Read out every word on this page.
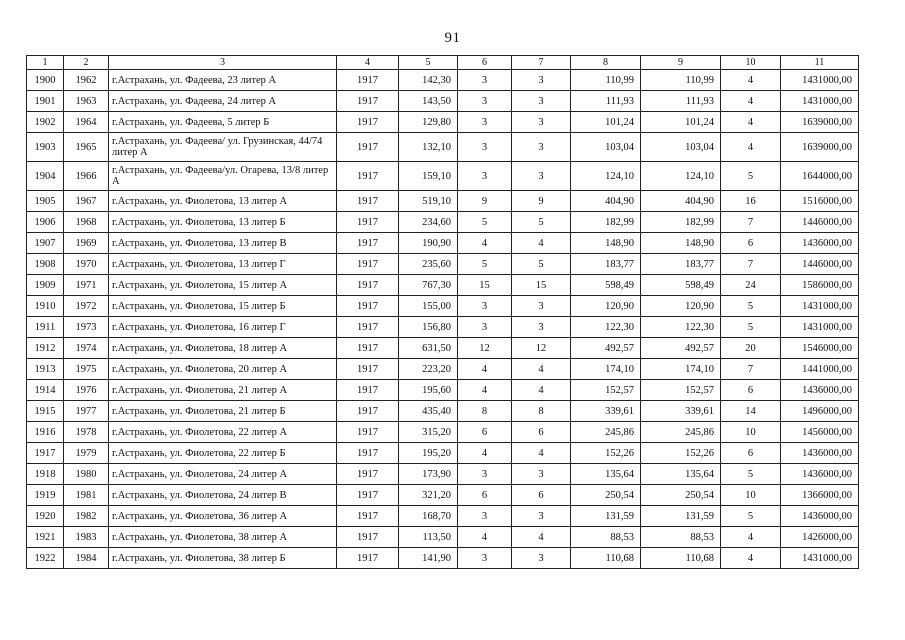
91
1	2	3	4	5	6	7	8	9	10	11
1900	1962	г.Астрахань, ул. Фадеева, 23 литер А	1917	142,30	3	3	110,99	110,99	4	1431000,00
1901	1963	г.Астрахань, ул. Фадеева, 24 литер А	1917	143,50	3	3	111,93	111,93	4	1431000,00
1902	1964	г.Астрахань, ул. Фадеева, 5 литер Б	1917	129,80	3	3	101,24	101,24	4	1639000,00
1903	1965	г.Астрахань, ул. Фадеева/ ул. Грузинская, 44/74 литер А	1917	132,10	3	3	103,04	103,04	4	1639000,00
1904	1966	г.Астрахань, ул. Фадеева/ул. Огарева, 13/8 литер А	1917	159,10	3	3	124,10	124,10	5	1644000,00
1905	1967	г.Астрахань, ул. Фиолетова, 13 литер А	1917	519,10	9	9	404,90	404,90	16	1516000,00
1906	1968	г.Астрахань, ул. Фиолетова, 13 литер Б	1917	234,60	5	5	182,99	182,99	7	1446000,00
1907	1969	г.Астрахань, ул. Фиолетова, 13 литер В	1917	190,90	4	4	148,90	148,90	6	1436000,00
1908	1970	г.Астрахань, ул. Фиолетова, 13 литер Г	1917	235,60	5	5	183,77	183,77	7	1446000,00
1909	1971	г.Астрахань, ул. Фиолетова, 15 литер А	1917	767,30	15	15	598,49	598,49	24	1586000,00
1910	1972	г.Астрахань, ул. Фиолетова, 15 литер Б	1917	155,00	3	3	120,90	120,90	5	1431000,00
1911	1973	г.Астрахань, ул. Фиолетова, 16 литер Г	1917	156,80	3	3	122,30	122,30	5	1431000,00
1912	1974	г.Астрахань, ул. Фиолетова, 18 литер А	1917	631,50	12	12	492,57	492,57	20	1546000,00
1913	1975	г.Астрахань, ул. Фиолетова, 20 литер А	1917	223,20	4	4	174,10	174,10	7	1441000,00
1914	1976	г.Астрахань, ул. Фиолетова, 21 литер А	1917	195,60	4	4	152,57	152,57	6	1436000,00
1915	1977	г.Астрахань, ул. Фиолетова, 21 литер Б	1917	435,40	8	8	339,61	339,61	14	1496000,00
1916	1978	г.Астрахань, ул. Фиолетова, 22 литер А	1917	315,20	6	6	245,86	245,86	10	1456000,00
1917	1979	г.Астрахань, ул. Фиолетова, 22 литер Б	1917	195,20	4	4	152,26	152,26	6	1436000,00
1918	1980	г.Астрахань, ул. Фиолетова, 24 литер А	1917	173,90	3	3	135,64	135,64	5	1436000,00
1919	1981	г.Астрахань, ул. Фиолетова, 24 литер В	1917	321,20	6	6	250,54	250,54	10	1366000,00
1920	1982	г.Астрахань, ул. Фиолетова, 36 литер А	1917	168,70	3	3	131,59	131,59	5	1436000,00
1921	1983	г.Астрахань, ул. Фиолетова, 38 литер А	1917	113,50	4	4	88,53	88,53	4	1426000,00
1922	1984	г.Астрахань, ул. Фиолетова, 38 литер Б	1917	141,90	3	3	110,68	110,68	4	1431000,00
